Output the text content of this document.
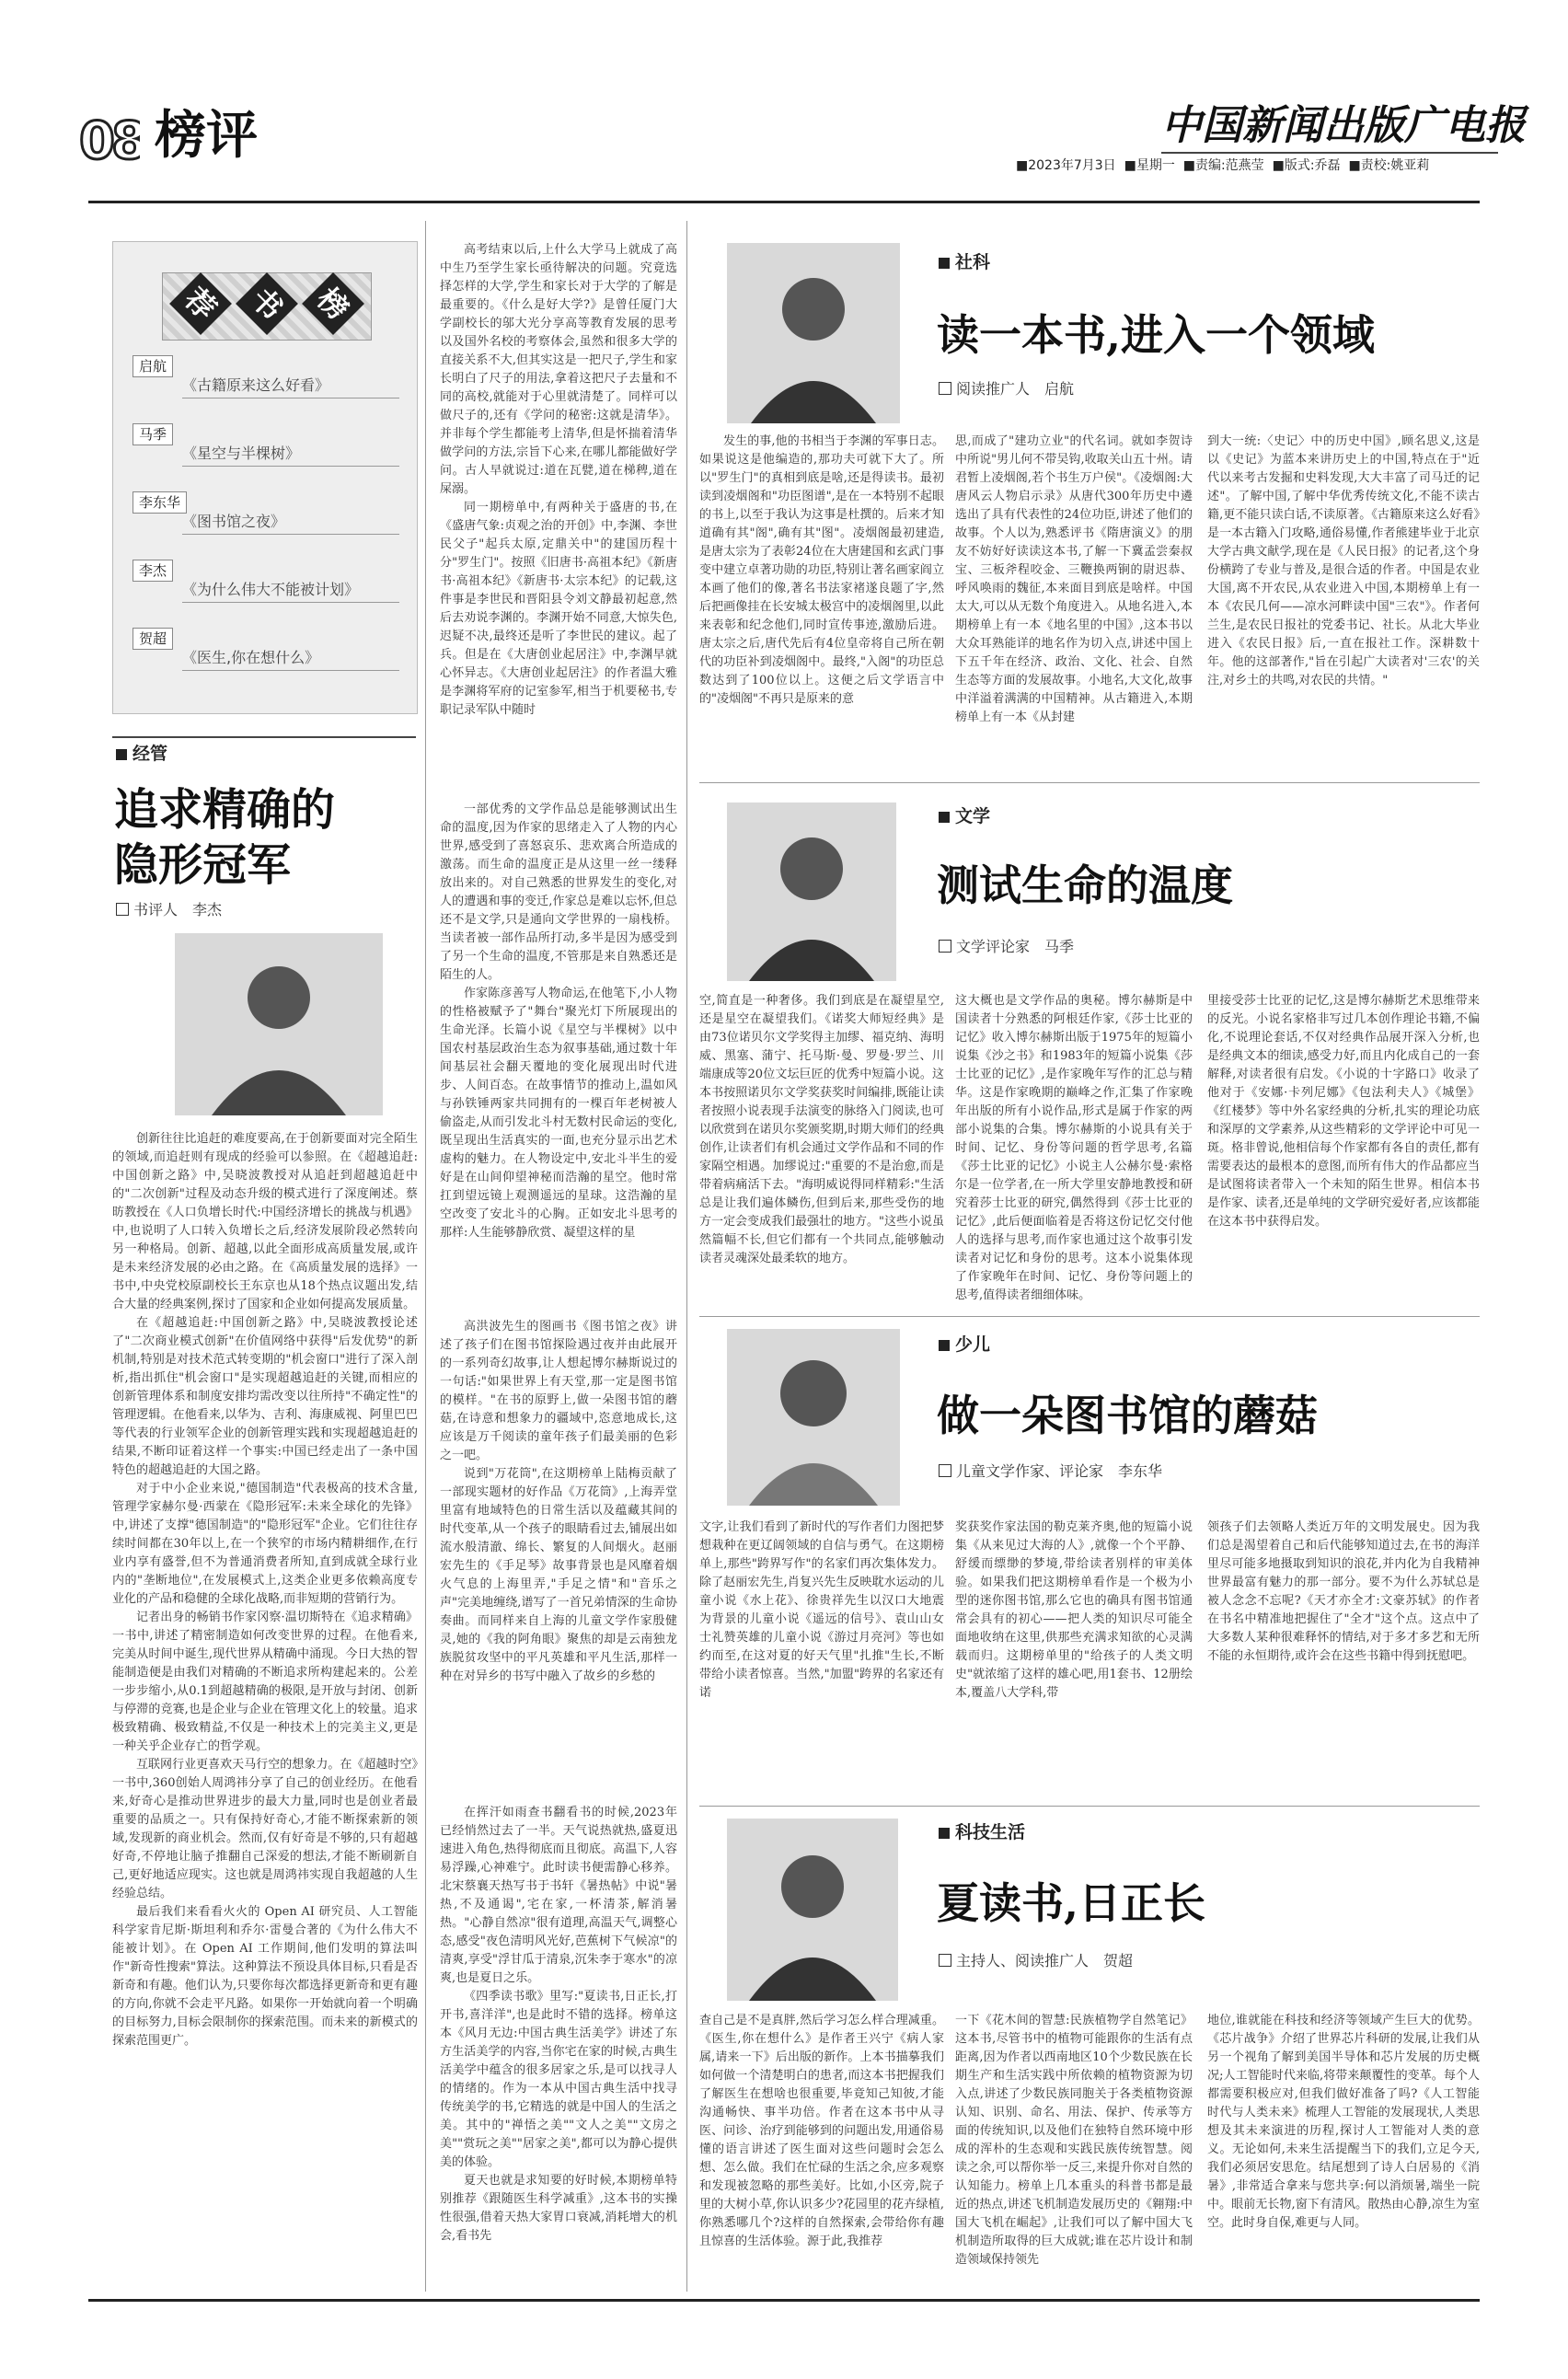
08 榜评	中国新闻出版广电报
■2023年7月3日 ■星期一 ■责编:范燕莹 ■版式:乔磊 ■责校:姚亚莉
荐 书 榜
启航
《古籍原来这么好看》
马季
《星空与半棵树》
李东华
《图书馆之夜》
李杰
《为什么伟大不能被计划》
贺超
《医生,你在想什么》
经管
追求精确的
隐形冠军
书评人　李杰

创新往往比追赶的难度要高,在于创新要面对完全陌生的领域,而追赶则有现成的经验可以参照。在《超越追赶:中国创新之路》中,吴晓波教授对从追赶到超越追赶中的"二次创新"过程及动态升级的模式进行了深度阐述。蔡昉教授在《人口负增长时代:中国经济增长的挑战与机遇》中,也说明了人口转入负增长之后,经济发展阶段必然转向另一种格局。创新、超越,以此全面形成高质量发展,或许是未来经济发展的必由之路。在《高质量发展的选择》一书中,中央党校原副校长王东京也从18个热点议题出发,结合大量的经典案例,探讨了国家和企业如何提高发展质量。

在《超越追赶:中国创新之路》中,吴晓波教授论述了"二次商业模式创新"在价值网络中获得"后发优势"的新机制,特别是对技术范式转变期的"机会窗口"进行了深入剖析,指出抓住"机会窗口"是实现超越追赶的关键,而相应的创新管理体系和制度安排均需改变以往所持"不确定性"的管理逻辑。在他看来,以华为、吉利、海康威视、阿里巴巴等代表的行业领军企业的创新管理实践和实现超越追赶的结果,不断印证着这样一个事实:中国已经走出了一条中国特色的超越追赶的大国之路。

对于中小企业来说,"德国制造"代表极高的技术含量,管理学家赫尔曼·西蒙在《隐形冠军:未来全球化的先锋》中,讲述了支撑"德国制造"的"隐形冠军"企业。它们往往存续时间都在30年以上,在一个狭窄的市场内精耕细作,在行业内享有盛誉,但不为普通消费者所知,直到成就全球行业内的"垄断地位",在发展模式上,这类企业更多依赖高度专业化的产品和稳健的全球化战略,而非短期的营销行为。

记者出身的畅销书作家冈察·温切斯特在《追求精确》一书中,讲述了精密制造如何改变世界的过程。在他看来,完美从时间中诞生,现代世界从精确中涌现。今日大热的智能制造便是由我们对精确的不断追求所构建起来的。公差一步步缩小,从0.1到超越精确的极限,是开放与封闭、创新与停滞的竞赛,也是企业与企业在管理文化上的较量。追求极致精确、极致精益,不仅是一种技术上的完美主义,更是一种关乎企业存亡的哲学观。

互联网行业更喜欢天马行空的想象力。在《超越时空》一书中,360创始人周鸿祎分享了自己的创业经历。在他看来,好奇心是推动世界进步的最大力量,同时也是创业者最重要的品质之一。只有保持好奇心,才能不断探索新的领域,发现新的商业机会。然而,仅有好奇是不够的,只有超越好奇,不停地让脑子推翻自己深爱的想法,才能不断刷新自己,更好地适应现实。这也就是周鸿祎实现自我超越的人生经验总结。

最后我们来看看火火的 Open AI 研究员、人工智能科学家肯尼斯·斯坦利和乔尔·雷曼合著的《为什么伟大不能被计划》。在 Open AI 工作期间,他们发明的算法叫作"新奇性搜索"算法。这种算法不预设具体目标,只看是否新奇和有趣。他们认为,只要你每次都选择更新奇和更有趣的方向,你就不会走平凡路。如果你一开始就向着一个明确的目标努力,目标会限制你的探索范围。而未来的新模式的探索范围更广。

高考结束以后,上什么大学马上就成了高中生乃至学生家长亟待解决的问题。究竟选择怎样的大学,学生和家长对于大学的了解是最重要的。《什么是好大学?》是曾任厦门大学副校长的邬大光分享高等教育发展的思考以及国外名校的考察体会,虽然和很多大学的直接关系不大,但其实这是一把尺子,学生和家长明白了尺子的用法,拿着这把尺子去量和不同的高校,就能对于心里就清楚了。同样可以做尺子的,还有《学问的秘密:这就是清华》。并非每个学生都能考上清华,但是怀揣着清华做学问的方法,宗旨下心来,在哪儿都能做好学问。古人早就说过:道在瓦甓,道在梯稗,道在屎溺。

同一期榜单中,有两种关于盛唐的书,在《盛唐气象:贞观之治的开创》中,李渊、李世民父子"起兵太原,定鼎关中"的建国历程十分"罗生门"。按照《旧唐书·高祖本纪》《新唐书·高祖本纪》《新唐书·太宗本纪》的记载,这件事是李世民和晋阳县令刘文静最初起意,然后去劝说李渊的。李渊开始不同意,大惊失色,迟疑不决,最终还是听了李世民的建议。起了兵。但是在《大唐创业起居注》中,李渊早就心怀异志。《大唐创业起居注》的作者温大雅是李渊将军府的记室参军,相当于机要秘书,专职记录军队中随时

一部优秀的文学作品总是能够测试出生命的温度,因为作家的思绪走入了人物的内心世界,感受到了喜怒哀乐、悲欢离合所造成的激荡。而生命的温度正是从这里一丝一缕释放出来的。对自己熟悉的世界发生的变化,对人的遭遇和事的变迁,作家总是难以忘怀,但总还不是文学,只是通向文学世界的一扇栈桥。当读者被一部作品所打动,多半是因为感受到了另一个生命的温度,不管那是来自熟悉还是陌生的人。

作家陈彦善写人物命运,在他笔下,小人物的性格被赋予了"舞台"聚光灯下所展现出的生命光泽。长篇小说《星空与半棵树》以中国农村基层政治生态为叙事基础,通过数十年间基层社会翻天覆地的变化展现出时代进步、人间百态。在故事情节的推动上,温如风与孙铁锤两家共同拥有的一棵百年老树被人偷盗走,从而引发北斗村无数村民命运的变化,既呈现出生活真实的一面,也充分显示出艺术虚构的魅力。在人物设定中,安北斗半生的爱好是在山间仰望神秘而浩瀚的星空。他时常扛到望远镜上观测遥远的星球。这浩瀚的星空改变了安北斗的心胸。正如安北斗思考的那样:人生能够静欣赏、凝望这样的星

高洪波先生的图画书《图书馆之夜》讲述了孩子们在图书馆探险遇过夜并由此展开的一系列奇幻故事,让人想起博尔赫斯说过的一句话:"如果世界上有天堂,那一定是图书馆的模样。"在书的原野上,做一朵图书馆的蘑菇,在诗意和想象力的疆域中,恣意地成长,这应该是万千阅读的童年孩子们最美丽的色彩之一吧。

说到"万花筒",在这期榜单上陆梅贡献了一部现实题材的好作品《万花筒》,上海弄堂里富有地域特色的日常生活以及蕴藏其间的时代变革,从一个孩子的眼睛看过去,铺展出如流水般清澈、绵长、繁复的人间烟火。赵丽宏先生的《手足琴》故事背景也是风靡着烟火气息的上海里弄,"手足之情"和"音乐之声"完美地缠绕,谱写了一首兄弟情深的生命协奏曲。而同样来自上海的儿童文学作家殷健灵,她的《我的阿角眼》聚焦的却是云南独龙族脱贫攻坚中的平凡英雄和平凡生活,那样一种在对异乡的书写中融入了故乡的乡愁的

在挥汗如雨查书翻看书的时候,2023年已经悄然过去了一半。天气说热就热,盛夏迅速进入角色,热得彻底而且彻底。高温下,人容易浮躁,心神难宁。此时读书便需静心移养。北宋蔡襄天热写书于书轩《暑热帖》中说"暑热,不及通谒",宅在家,一杯清茶,解消暑热。"心静自然凉"很有道理,高温天气,调整心态,感受"夜色清明风光好,芭蕉树下气候凉"的清爽,享受"浮甘瓜于清泉,沉朱李于寒水"的凉爽,也是夏日之乐。

《四季读书歌》里写:"夏读书,日正长,打开书,喜洋洋",也是此时不错的选择。榜单这本《风月无边:中国古典生活美学》讲述了东方生活美学的内容,当你宅在家的时候,古典生活美学中蕴含的很多居家之乐,是可以找寻人的情绪的。作为一本从中国古典生活中找寻传统美学的书,它精选的就是中国人的生活之美。其中的"禅悟之美""文人之美""文房之美""赏玩之美""居家之美",都可以为静心提供美的体验。

夏天也就是求知要的好时候,本期榜单特别推荐《跟随医生科学减重》,这本书的实操性很强,借着天热大家胃口衰减,消耗增大的机会,看书先

社科
读一本书,进入一个领域
阅读推广人　启航

发生的事,他的书相当于李渊的军事日志。如果说这是他编造的,那功夫可就下大了。所以"罗生门"的真相到底是啥,还是得读书。最初读到凌烟阁和"功臣图谱",是在一本特别不起眼的书上,以至于我认为这事是杜撰的。后来才知道确有其"阁",确有其"图"。凌烟阁最初建造,是唐太宗为了表彰24位在大唐建国和玄武门事变中建立卓著功勋的功臣,特别让著名画家阎立本画了他们的像,著名书法家褚遂良题了字,然后把画像挂在长安城太极宫中的凌烟阁里,以此来表彰和纪念他们,同时宣传事迹,激励后进。唐太宗之后,唐代先后有4位皇帝将自己所在朝代的功臣补到凌烟阁中。最终,"入阁"的功臣总数达到了100位以上。这便之后文学语言中的"凌烟阁"不再只是原来的意

思,而成了"建功立业"的代名词。就如李贺诗中所说"男儿何不带吴钩,收取关山五十州。请君暂上凌烟阁,若个书生万户侯"。《凌烟阁:大唐风云人物启示录》从唐代300年历史中遴选出了具有代表性的24位功臣,讲述了他们的故事。个人以为,熟悉评书《隋唐演义》的朋友不妨好好读读这本书,了解一下冀孟尝秦叔宝、三板斧程咬金、三鞭换两锏的尉迟恭、呼风唤雨的魏征,本来面目到底是啥样。中国太大,可以从无数个角度进入。从地名进入,本期榜单上有一本《地名里的中国》,这本书以大众耳熟能详的地名作为切入点,讲述中国上下五千年在经济、政治、文化、社会、自然生态等方面的发展故事。小地名,大文化,故事中洋溢着满满的中国精神。从古籍进入,本期榜单上有一本《从封建

到大一统:〈史记〉中的历史中国》,顾名思义,这是以《史记》为蓝本来讲历史上的中国,特点在于"近代以来考古发掘和史料发现,大大丰富了司马迁的记述"。了解中国,了解中华优秀传统文化,不能不读古籍,更不能只读白话,不读原著。《古籍原来这么好看》是一本古籍入门攻略,通俗易懂,作者熊建毕业于北京大学古典文献学,现在是《人民日报》的记者,这个身份横跨了专业与普及,是很合适的作者。中国是农业大国,离不开农民,从农业进入中国,本期榜单上有一本《农民几何——凉水河畔读中国"三农"》。作者何兰生,是农民日报社的党委书记、社长。从北大毕业进入《农民日报》后,一直在报社工作。深耕数十年。他的这部著作,"旨在引起广大读者对'三农'的关注,对乡土的共鸣,对农民的共情。"

文学
测试生命的温度
文学评论家　马季

空,简直是一种奢侈。我们到底是在凝望星空,还是星空在凝望我们。《诺奖大师短经典》是由73位诺贝尔文学奖得主加缪、福克纳、海明威、黑塞、蒲宁、托马斯·曼、罗曼·罗兰、川端康成等20位文坛巨匠的优秀中短篇小说。这本书按照诺贝尔文学奖获奖时间编排,既能让读者按照小说表现手法演变的脉络入门阅读,也可以欣赏到在诺贝尔奖颁奖期,时期大师们的经典创作,让读者们有机会通过文学作品和不同的作家隔空相遇。加缪说过:"重要的不是治愈,而是带着病痛活下去。"海明威说得同样精彩:"生活总是让我们遍体鳞伤,但到后来,那些受伤的地方一定会变成我们最强壮的地方。"这些小说虽然篇幅不长,但它们都有一个共同点,能够触动读者灵魂深处最柔软的地方。

这大概也是文学作品的奥秘。博尔赫斯是中国读者十分熟悉的阿根廷作家,《莎士比亚的记忆》收入博尔赫斯出版于1975年的短篇小说集《沙之书》和1983年的短篇小说集《莎士比亚的记忆》,是作家晚年写作的汇总与精华。这是作家晚期的巅峰之作,汇集了作家晚年出版的所有小说作品,形式是属于作家的两部小说集的合集。博尔赫斯的小说具有关于时间、记忆、身份等问题的哲学思考,名篇《莎士比亚的记忆》小说主人公赫尔曼·索格尔是一位学者,在一所大学里安静地教授和研究着莎士比亚的研究,偶然得到《莎士比亚的记忆》,此后便面临着是否将这份记忆交付他人的选择与思考,而作家也通过这个故事引发读者对记忆和身份的思考。这本小说集体现了作家晚年在时间、记忆、身份等问题上的思考,值得读者细细体味。

里接受莎士比亚的记忆,这是博尔赫斯艺术思维带来的反光。小说名家格非写过几本创作理论书籍,不偏化,不说理论套话,不仅对经典作品展开深入分析,也是经典文本的细读,感受力好,而且内化成自己的一套解释,对读者很有启发。《小说的十字路口》收录了他对于《安娜·卡列尼娜》《包法利夫人》《城堡》《红楼梦》等中外名家经典的分析,扎实的理论功底和深厚的文学素养,从这些精彩的文学评论中可见一斑。格非曾说,他相信每个作家都有各自的责任,都有需要表达的最根本的意图,而所有伟大的作品都应当是试图将读者带入一个未知的陌生世界。相信本书是作家、读者,还是单纯的文学研究爱好者,应该都能在这本书中获得启发。

少儿
做一朵图书馆的蘑菇
儿童文学作家、评论家　李东华

文字,让我们看到了新时代的写作者们力图把梦想栽种在更辽阔领域的自信与勇气。在这期榜单上,那些"跨界写作"的名家们再次集体发力。除了赵丽宏先生,肖复兴先生反映耽水运动的儿童小说《水上花》、徐贵祥先生以汉口大地震为背景的儿童小说《遥远的信号》、袁山山女士礼赞英雄的儿童小说《游过月亮河》等也如约而至,在这对夏的好天气里"扎推"生长,不断带给小读者惊喜。当然,"加盟"跨界的名家还有诺

奖获奖作家法国的勒克莱齐奥,他的短篇小说集《从来见过大海的人》,就像一个个平静、舒缓而缥缈的梦境,带给读者别样的审美体验。如果我们把这期榜单看作是一个极为小型的迷你图书馆,那么它也的确具有图书馆通常会具有的初心——把人类的知识尽可能全面地收纳在这里,供那些充满求知欲的心灵满载而归。这期榜单里的"给孩子的人类文明史"就浓缩了这样的雄心吧,用1套书、12册绘本,覆盖八大学科,带

领孩子们去领略人类近万年的文明发展史。因为我们总是渴望着自己和后代能够知道过去,在书的海洋里尽可能多地摄取到知识的浪花,并内化为自我精神世界最富有魅力的那一部分。要不为什么苏轼总是被人念念不忘呢?《天才亦全才:文豪苏轼》的作者在书名中精准地把握住了"全才"这个点。这点中了大多数人某种很难释怀的情结,对于多才多艺和无所不能的永恒期待,或许会在这些书籍中得到抚慰吧。

科技生活
夏读书,日正长
主持人、阅读推广人　贺超

查自己是不是真胖,然后学习怎么样合理减重。《医生,你在想什么》是作者王兴宁《病人家属,请来一下》后出版的新作。上本书描摹我们如何做一个清楚明白的患者,而这本书把握我们了解医生在想啥也很重要,毕竟知己知彼,才能沟通畅快、事半功倍。作者在这本书中从寻医、问诊、治疗到能够到的问题出发,用通俗易懂的语言讲述了医生面对这些问题时会怎么想、怎么做。我们在忙碌的生活之余,应多观察和发现被忽略的那些美好。比如,小区旁,院子里的大树小草,你认识多少?花园里的花卉绿植,你熟悉哪几个?这样的自然探索,会带给你有趣且惊喜的生活体验。源于此,我推荐

一下《花木间的智慧:民族植物学自然笔记》这本书,尽管书中的植物可能跟你的生活有点距离,因为作者以西南地区10个少数民族在长期生产和生活实践中所依赖的植物资源为切入点,讲述了少数民族同胞关于各类植物资源认知、识别、命名、用法、保护、传承等方面的传统知识,以及他们在独特自然环境中形成的浑朴的生态观和实践民族传统智慧。阅读之余,可以帮你举一反三,来提升你对自然的认知能力。榜单上几本重头的科普书都是最近的热点,讲述飞机制造发展历史的《翱翔:中国大飞机在崛起》,让我们可以了解中国大飞机制造所取得的巨大成就;谁在芯片设计和制造领域保持领先

地位,谁就能在科技和经济等领域产生巨大的优势。《芯片战争》介绍了世界芯片科研的发展,让我们从另一个视角了解到美国半导体和芯片发展的历史概况;人工智能时代来临,将带来颠覆性的变革。每个人都需要积极应对,但我们做好准备了吗?《人工智能时代与人类未来》梳理人工智能的发展现状,人类思想及其未来演进的历程,探讨人工智能对人类的意义。无论如何,未来生活提醒当下的我们,立足今天,我们必须居安思危。结尾想到了诗人白居易的《消暑》,非常适合拿来与您共享:何以消烦暑,端坐一院中。眼前无长物,窗下有清风。散热由心静,凉生为室空。此时身自保,难更与人同。
